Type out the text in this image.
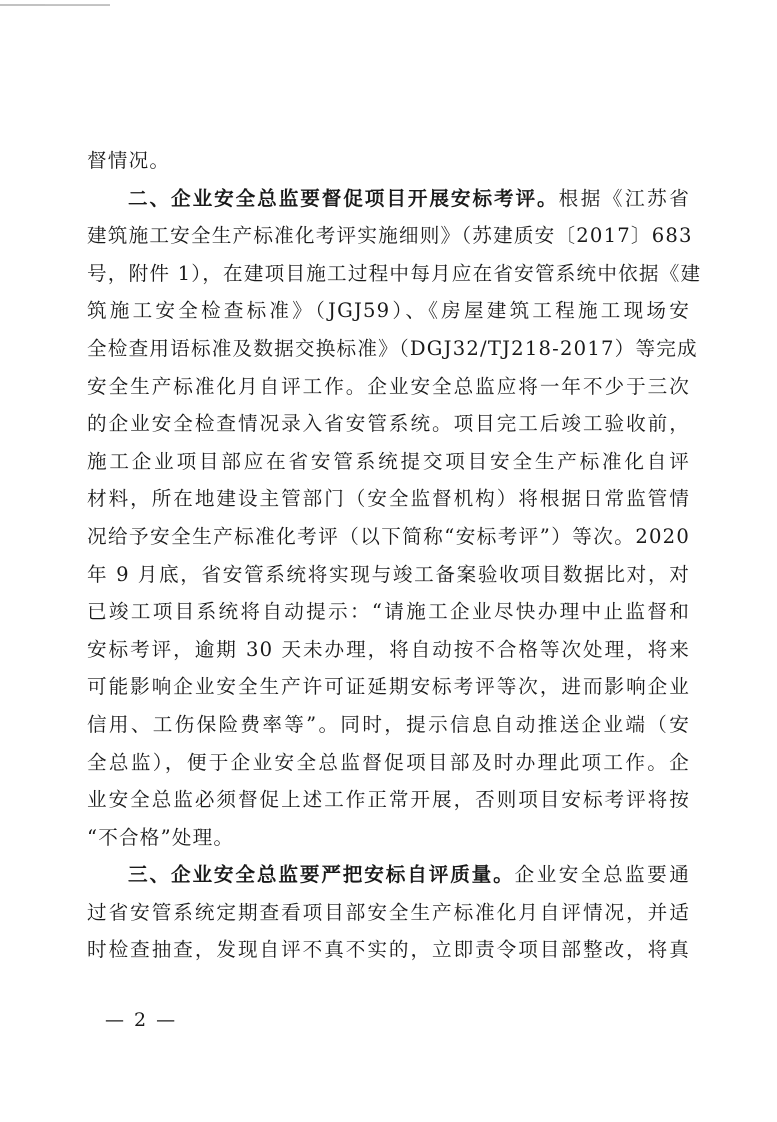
督情况。
二、企业安全总监要督促项目开展安标考评。根据《江苏省
建筑施工安全生产标准化考评实施细则》（苏建质安〔2017〕683
号，附件 1），在建项目施工过程中每月应在省安管系统中依据《建
筑施工安全检查标准》（JGJ59）、《房屋建筑工程施工现场安
全检查用语标准及数据交换标准》（DGJ32/TJ218-2017）等完成
安全生产标准化月自评工作。企业安全总监应将一年不少于三次
的企业安全检查情况录入省安管系统。项目完工后竣工验收前，
施工企业项目部应在省安管系统提交项目安全生产标准化自评
材料，所在地建设主管部门（安全监督机构）将根据日常监管情
况给予安全生产标准化考评（以下简称“安标考评”）等次。2020
年 9 月底，省安管系统将实现与竣工备案验收项目数据比对，对
已竣工项目系统将自动提示：“请施工企业尽快办理中止监督和
安标考评，逾期 30 天未办理，将自动按不合格等次处理，将来
可能影响企业安全生产许可证延期安标考评等次，进而影响企业
信用、工伤保险费率等”。同时，提示信息自动推送企业端（安
全总监），便于企业安全总监督促项目部及时办理此项工作。企
业安全总监必须督促上述工作正常开展，否则项目安标考评将按
“不合格”处理。
三、企业安全总监要严把安标自评质量。企业安全总监要通
过省安管系统定期查看项目部安全生产标准化月自评情况，并适
时检查抽查，发现自评不真不实的，立即责令项目部整改，将真
— 2 —
